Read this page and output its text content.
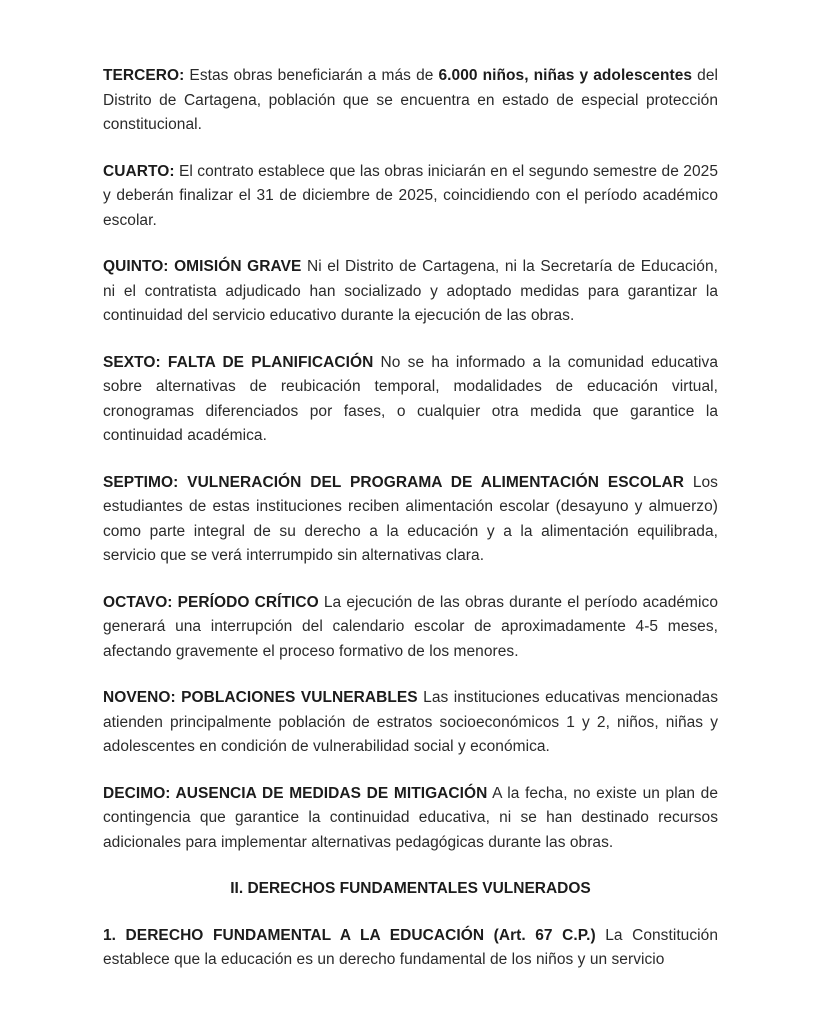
TERCERO: Estas obras beneficiarán a más de 6.000 niños, niñas y adolescentes del Distrito de Cartagena, población que se encuentra en estado de especial protección constitucional.

CUARTO: El contrato establece que las obras iniciarán en el segundo semestre de 2025 y deberán finalizar el 31 de diciembre de 2025, coincidiendo con el período académico escolar.

QUINTO: OMISIÓN GRAVE Ni el Distrito de Cartagena, ni la Secretaría de Educación, ni el contratista adjudicado han socializado y adoptado medidas para garantizar la continuidad del servicio educativo durante la ejecución de las obras.

SEXTO: FALTA DE PLANIFICACIÓN No se ha informado a la comunidad educativa sobre alternativas de reubicación temporal, modalidades de educación virtual, cronogramas diferenciados por fases, o cualquier otra medida que garantice la continuidad académica.

SEPTIMO: VULNERACIÓN DEL PROGRAMA DE ALIMENTACIÓN ESCOLAR Los estudiantes de estas instituciones reciben alimentación escolar (desayuno y almuerzo) como parte integral de su derecho a la educación y a la alimentación equilibrada, servicio que se verá interrumpido sin alternativas clara.

OCTAVO: PERÍODO CRÍTICO La ejecución de las obras durante el período académico generará una interrupción del calendario escolar de aproximadamente 4-5 meses, afectando gravemente el proceso formativo de los menores.

NOVENO: POBLACIONES VULNERABLES Las instituciones educativas mencionadas atienden principalmente población de estratos socioeconómicos 1 y 2, niños, niñas y adolescentes en condición de vulnerabilidad social y económica.

DECIMO: AUSENCIA DE MEDIDAS DE MITIGACIÓN A la fecha, no existe un plan de contingencia que garantice la continuidad educativa, ni se han destinado recursos adicionales para implementar alternativas pedagógicas durante las obras.

II. DERECHOS FUNDAMENTALES VULNERADOS

1. DERECHO FUNDAMENTAL A LA EDUCACIÓN (Art. 67 C.P.) La Constitución establece que la educación es un derecho fundamental de los niños y un servicio
